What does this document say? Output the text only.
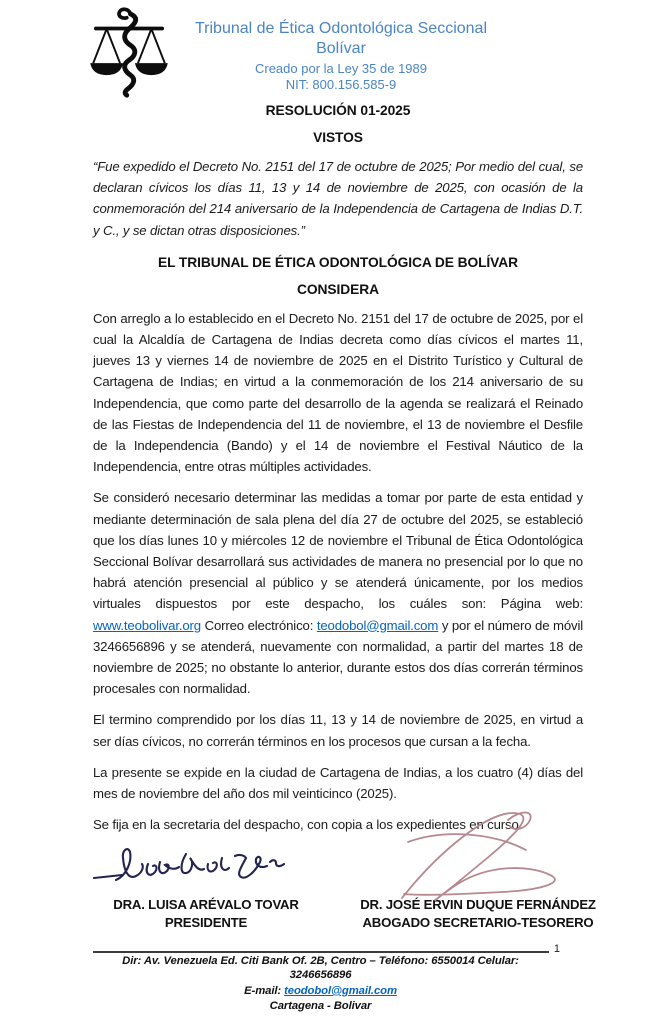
Tribunal de Ética Odontológica Seccional Bolívar
Creado por la Ley 35 de 1989
NIT: 800.156.585-9
RESOLUCIÓN 01-2025
VISTOS

“Fue expedido el Decreto No. 2151 del 17 de octubre de 2025; Por medio del cual, se declaran cívicos los días 11, 13 y 14 de noviembre de 2025, con ocasión de la conmemoración del 214 aniversario de la Independencia de Cartagena de Indias D.T. y C., y se dictan otras disposiciones.”

EL TRIBUNAL DE ÉTICA ODONTOLÓGICA DE BOLÍVAR
CONSIDERA

Con arreglo a lo establecido en el Decreto No. 2151 del 17 de octubre de 2025, por el cual la Alcaldía de Cartagena de Indias decreta como días cívicos el martes 11, jueves 13 y viernes 14 de noviembre de 2025 en el Distrito Turístico y Cultural de Cartagena de Indias; en virtud a la conmemoración de los 214 aniversario de su Independencia, que como parte del desarrollo de la agenda se realizará el Reinado de las Fiestas de Independencia del 11 de noviembre, el 13 de noviembre el Desfile de la Independencia (Bando) y el 14 de noviembre el Festival Náutico de la Independencia, entre otras múltiples actividades.

Se consideró necesario determinar las medidas a tomar por parte de esta entidad y mediante determinación de sala plena del día 27 de octubre del 2025, se estableció que los días lunes 10 y miércoles 12 de noviembre el Tribunal de Ética Odontológica Seccional Bolívar desarrollará sus actividades de manera no presencial por lo que no habrá atención presencial al público y se atenderá únicamente, por los medios virtuales dispuestos por este despacho, los cuáles son: Página web: www.teobolivar.org Correo electrónico: teodobol@gmail.com y por el número de móvil 3246656896 y se atenderá, nuevamente con normalidad, a partir del martes 18 de noviembre de 2025; no obstante lo anterior, durante estos dos días correrán términos procesales con normalidad.

El termino comprendido por los días 11, 13 y 14 de noviembre de 2025, en virtud a ser días cívicos, no correrán términos en los procesos que cursan a la fecha.

La presente se expide en la ciudad de Cartagena de Indias, a los cuatro (4) días del mes de noviembre del año dos mil veinticinco (2025).

Se fija en la secretaria del despacho, con copia a los expedientes en curso.

DRA. LUISA ARÉVALO TOVAR
PRESIDENTE
DR. JOSÉ ERVIN DUQUE FERNÁNDEZ
ABOGADO SECRETARIO-TESORERO
1
Dir: Av. Venezuela Ed. Citi Bank Of. 2B, Centro – Teléfono: 6550014 Celular: 3246656896
E-mail: teodobol@gmail.com
Cartagena - Bolivar
